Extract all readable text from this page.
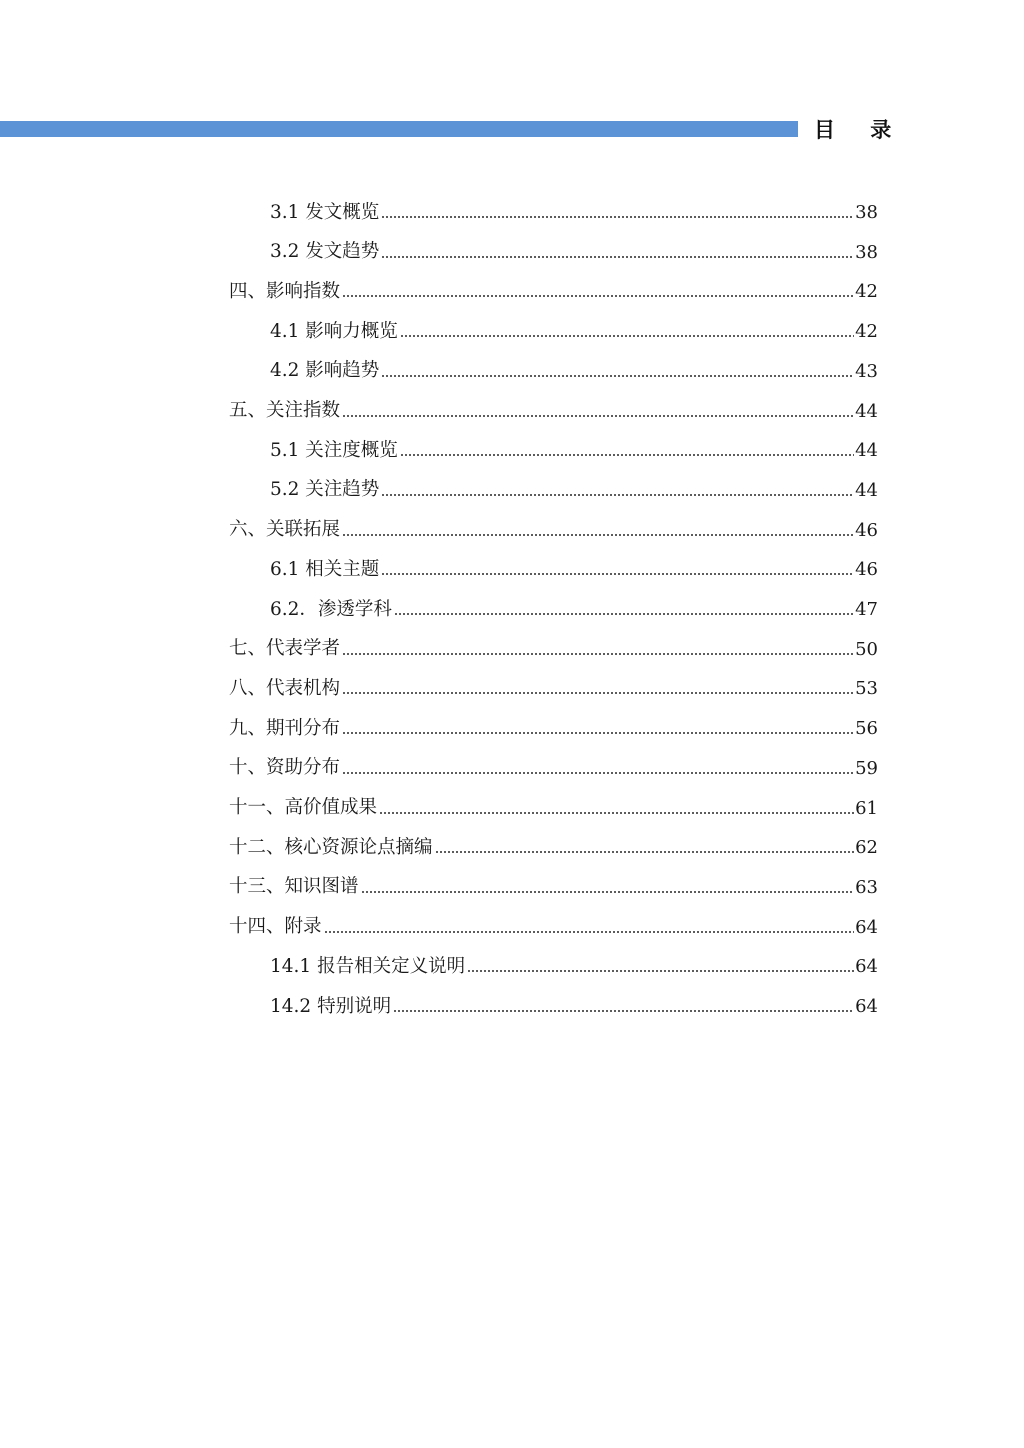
目 录
3.1 发文概览	38
3.2 发文趋势	38
四、影响指数	42
4.1 影响力概览	42
4.2 影响趋势	43
五、关注指数	44
5.1 关注度概览	44
5.2 关注趋势	44
六、关联拓展	46
6.1 相关主题	46
6.2．渗透学科	47
七、代表学者	50
八、代表机构	53
九、期刊分布	56
十、资助分布	59
十一、高价值成果	61
十二、核心资源论点摘编	62
十三、知识图谱	63
十四、附录	64
14.1 报告相关定义说明	64
14.2 特别说明	64
